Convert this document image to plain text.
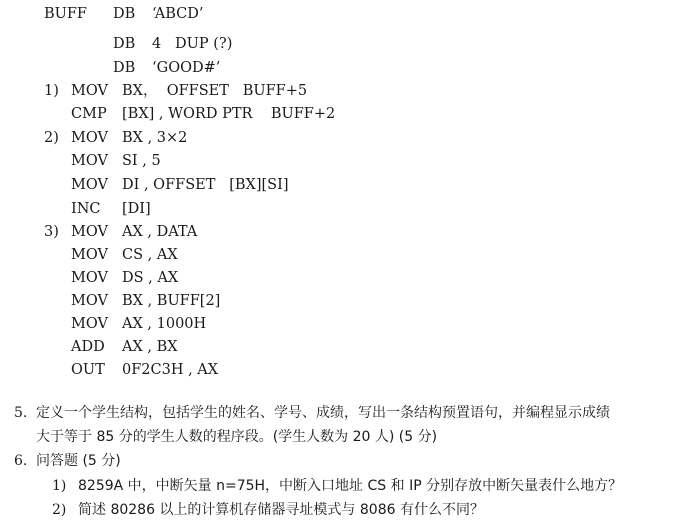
BUFF

DB

‘ABCD’

DB

4   DUP (?)

DB

‘GOOD#’

1)

MOV

BX，  OFFSET   BUFF+5

CMP

[BX] , WORD PTR    BUFF+2

2)

MOV

BX , 3×2

MOV

SI , 5

MOV

DI , OFFSET   [BX][SI]

INC

[DI]

3)

MOV

AX , DATA

MOV

CS , AX

MOV

DS , AX

MOV

BX , BUFF[2]

MOV

AX , 1000H

ADD

AX , BX

OUT

0F2C3H , AX

5. 定义一个学生结构，包括学生的姓名、学号、成绩，写出一条结构预置语句，并编程显示成绩
大于等于 85 分的学生人数的程序段。(学生人数为 20 人) (5 分)
6. 问答题 (5 分)
1) 8259A 中，中断矢量 n=75H，中断入口地址 CS 和 IP 分别存放中断矢量表什么地方？
2) 简述 80286 以上的计算机存储器寻址模式与 8086 有什么不同？
